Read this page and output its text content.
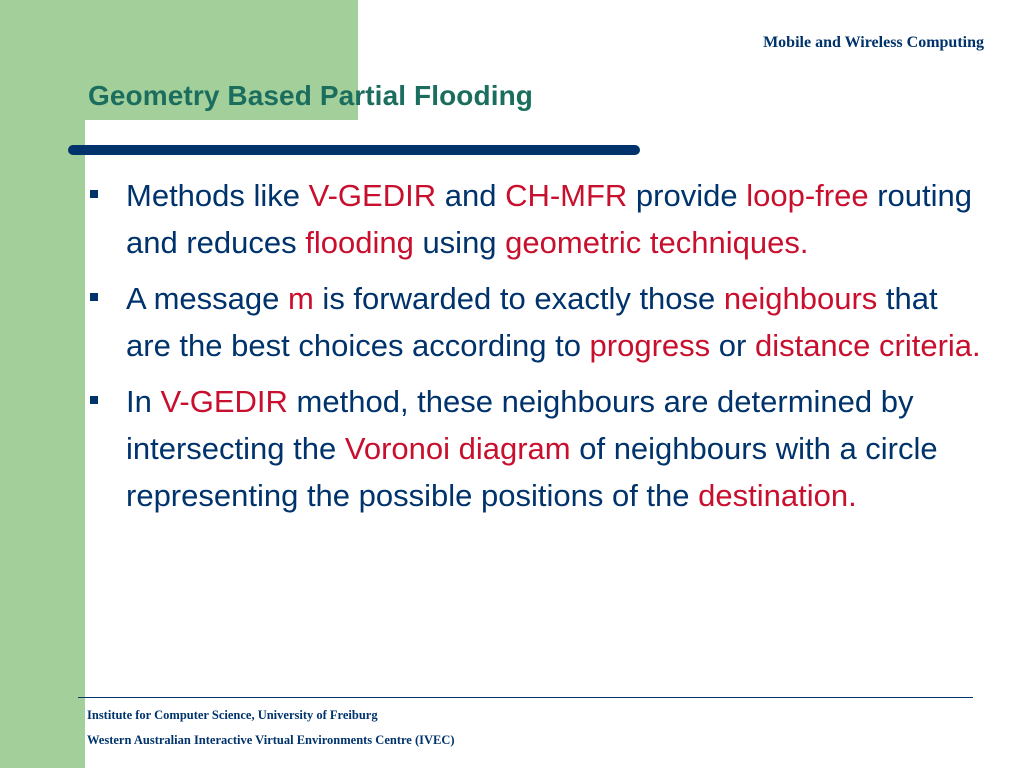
Mobile and Wireless Computing
Geometry Based Partial Flooding
Methods like V-GEDIR and CH-MFR provide loop-free routing and reduces flooding using geometric techniques.
A message m is forwarded to exactly those neighbours that are the best choices according to progress or distance criteria.
In V-GEDIR method, these neighbours are determined by intersecting the Voronoi diagram of neighbours with a circle representing the possible positions of the destination.
Institute for Computer Science, University of Freiburg
Western Australian Interactive Virtual Environments Centre (IVEC)
